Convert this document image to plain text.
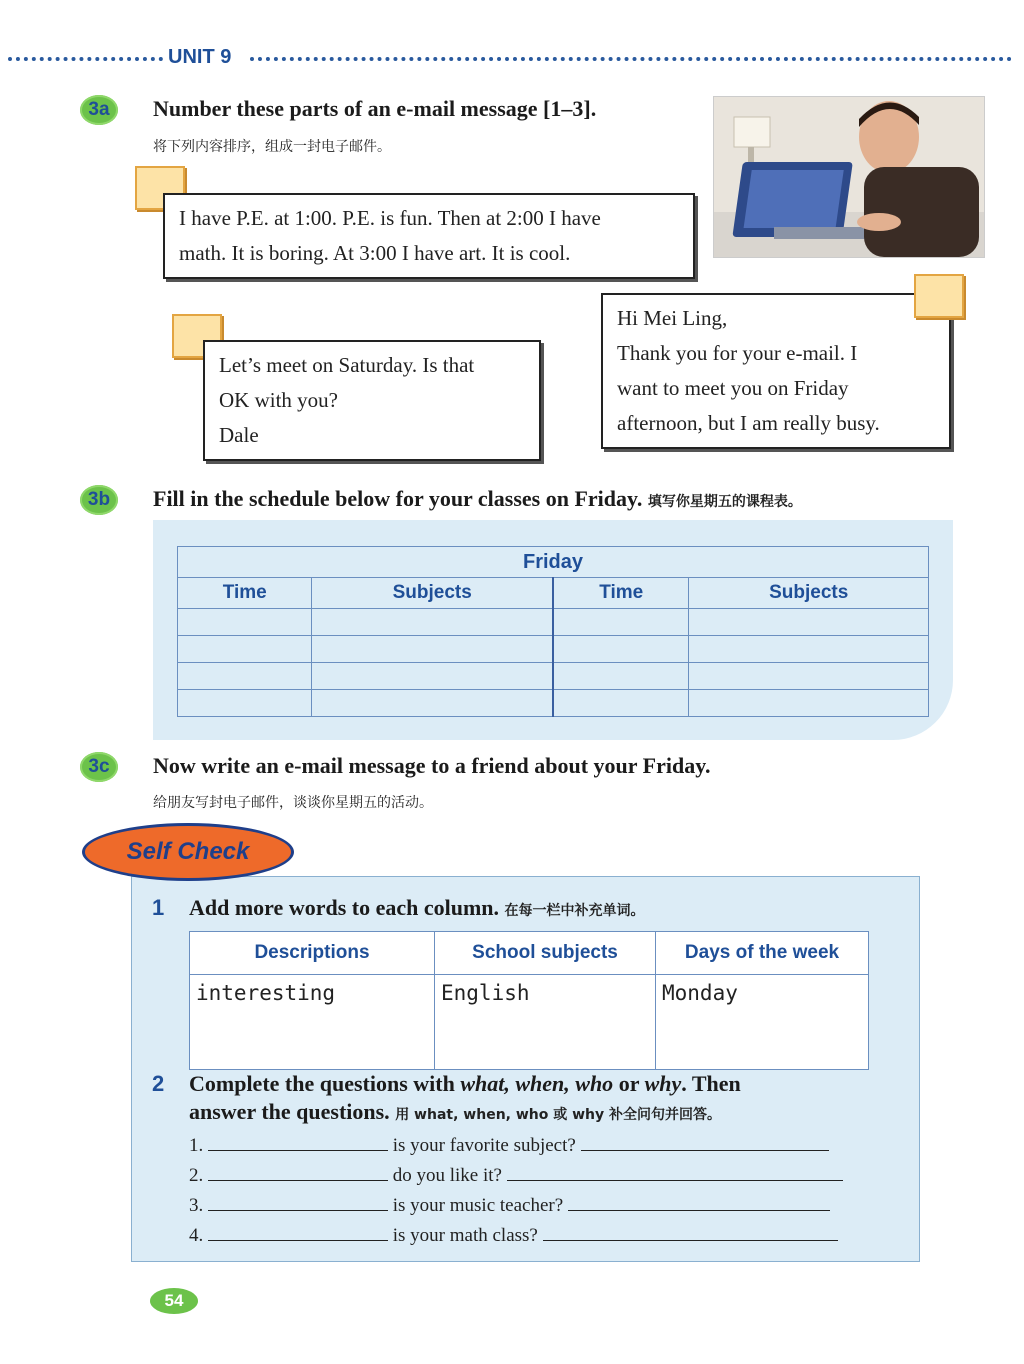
UNIT 9
3a	Number these parts of an e-mail message [1–3].
将下列内容排序，组成一封电子邮件。
I have P.E. at 1:00. P.E. is fun. Then at 2:00 I have
math. It is boring. At 3:00 I have art. It is cool.
Let’s meet on Saturday. Is that
OK with you?
Dale
Hi Mei Ling,
Thank you for your e-mail. I
want to meet you on Friday
afternoon, but I am really busy.
3b	Fill in the schedule below for your classes on Friday. 填写你星期五的课程表。
Friday			
Time	Subjects	Time	Subjects

3c	Now write an e-mail message to a friend about your Friday.
给朋友写封电子邮件，谈谈你星期五的活动。
Self Check
1 Add more words to each column. 在每一栏中补充单词。
Descriptions	School subjects	Days of the week
interesting	English	Monday
2 Complete the questions with what, when, who or why. Then
answer the questions. 用 what, when, who 或 why 补全问句并回答。
1.	is your favorite subject?
2.	do you like it?
3.	is your music teacher?
4.	is your math class?
54
